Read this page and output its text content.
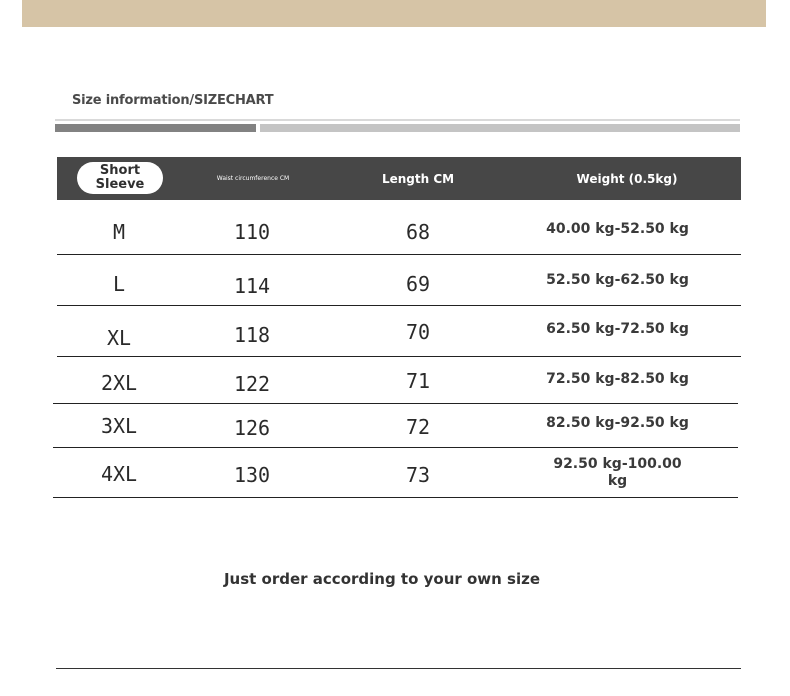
Size information/SIZECHART
Short Sleeve	Waist circumference CM	Length CM	Weight (0.5kg)
M	110	68	40.00 kg-52.50 kg
L	114	69	52.50 kg-62.50 kg
XL	118	70	62.50 kg-72.50 kg
2XL	122	71	72.50 kg-82.50 kg
3XL	126	72	82.50 kg-92.50 kg
4XL	130	73	92.50 kg-100.00 kg
Just order according to your own size
